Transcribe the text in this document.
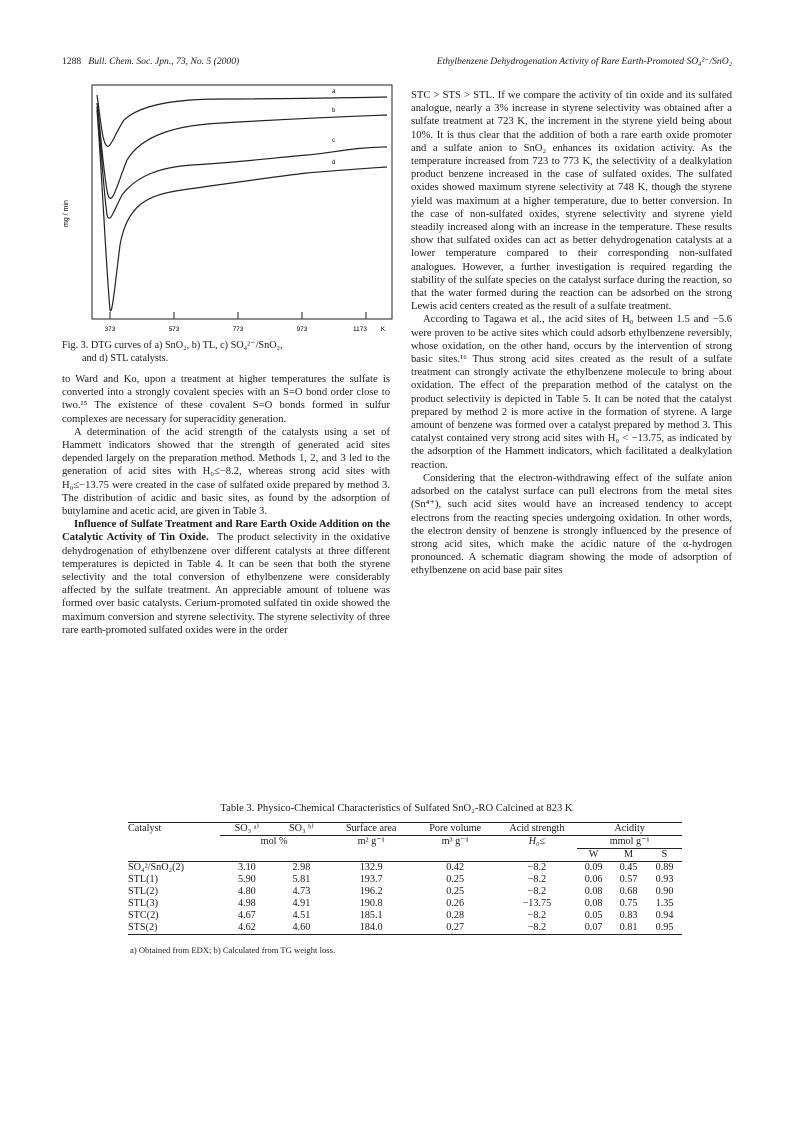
1288 Bull. Chem. Soc. Jpn., 73, No. 5 (2000)	Ethylbenzene Dehydrogenation Activity of Rare Earth-Promoted SO₄²⁻/SnO₂
mg / min
a
b
c
d
373	573	773	973	1173 K
Fig. 3. DTG curves of a) SnO₂, b) TL, c) SO₄²⁻/SnO₂,
and d) STL catalysts.

to Ward and Ko, upon a treatment at higher temperatures the sulfate is converted into a strongly covalent species with an S=O bond order close to two.¹⁵ The existence of these covalent S=O bonds formed in sulfur complexes are necessary for superacidity generation.

A determination of the acid strength of the catalysts using a set of Hammett indicators showed that the strength of generated acid sites depended largely on the preparation method. Methods 1, 2, and 3 led to the generation of acid sites with H₀≤−8.2, whereas strong acid sites with H₀≤−13.75 were created in the case of sulfated oxide prepared by method 3. The distribution of acidic and basic sites, as found by the adsorption of butylamine and acetic acid, are given in Table 3.

Influence of Sulfate Treatment and Rare Earth Oxide Addition on the Catalytic Activity of Tin Oxide. The product selectivity in the oxidative dehydrogenation of ethylbenzene over different catalysts at three different temperatures is depicted in Table 4. It can be seen that both the styrene selectivity and the total conversion of ethylbenzene were considerably affected by the sulfate treatment. An appreciable amount of toluene was formed over basic catalysts. Cerium-promoted sulfated tin oxide showed the maximum conversion and styrene selectivity. The styrene selectivity of three rare earth-promoted sulfated oxides were in the order

STC > STS > STL. If we compare the activity of tin oxide and its sulfated analogue, nearly a 3% increase in styrene selectivity was obtained after a sulfate treatment at 723 K, the increment in the styrene yield being about 10%. It is thus clear that the addition of both a rare earth oxide promoter and a sulfate anion to SnO₂ enhances its oxidation activity. As the temperature increased from 723 to 773 K, the selectivity of a dealkylation product benzene increased in the case of sulfated oxides. The sulfated oxides showed maximum styrene selectivity at 748 K, though the styrene yield was maximum at a higher temperature, due to better conversion. In the case of non-sulfated oxides, styrene selectivity and styrene yield steadily increased along with an increase in the temperature. These results show that sulfated oxides can act as better dehydrogenation catalysts at a lower temperature compared to their corresponding non-sulfated analogues. However, a further investigation is required regarding the stability of the sulfate species on the catalyst surface during the reaction, so that the water formed during the reaction can be adsorbed on the strong Lewis acid centers created as the result of a sulfate treatment.

According to Tagawa et al., the acid sites of H₀ between 1.5 and −5.6 were proven to be active sites which could adsorb ethylbenzene reversibly, whose oxidation, on the other hand, occurs by the intervention of strong basic sites.¹⁶ Thus strong acid sites created as the result of a sulfate treatment can strongly activate the ethylbenzene molecule to bring about oxidation. The effect of the preparation method of the catalyst on the product selectivity is depicted in Table 5. It can be noted that the catalyst prepared by method 2 is more active in the formation of styrene. A large amount of benzene was formed over a catalyst prepared by method 3. This catalyst contained very strong acid sites with H₀ < −13.75, as indicated by the adsorption of the Hammett indicators, which facilitated a dealkylation reaction.

Considering that the electron-withdrawing effect of the sulfate anion adsorbed on the catalyst surface can pull electrons from the metal sites (Sn⁴⁺), such acid sites would have an increased tendency to accept electrons from the reacting species undergoing oxidation. In other words, the electron density of benzene is strongly influenced by the presence of strong acid sites, which make the acidic nature of the α-hydrogen pronounced. A schematic diagram showing the mode of adsorption of ethylbenzene on acid base pair sites

Table 3. Physico-Chemical Characteristics of Sulfated SnO₂-RO Calcined at 823 K
Catalyst	SO₃ ᵃ⁾	SO₃ ᵇ⁾	Surface area	Pore volume	Acid strength	Acidity		
	mol %		m² g⁻¹	m³ g⁻¹	H₀≤	mmol g⁻¹		
						W	M	S
SO₄²/SnO₂(2)	3.10	2.98	132.9	0.42	−8.2	0.09	0.45	0.89
STL(1)	5.90	5.81	193.7	0.25	−8.2	0.06	0.57	0.93
STL(2)	4.80	4.73	196.2	0.25	−8.2	0.08	0.68	0.90
STL(3)	4.98	4.91	190.8	0.26	−13.75	0.08	0.75	1.35
STC(2)	4.67	4.51	185.1	0.28	−8.2	0.05	0.83	0.94
STS(2)	4.62	4.60	184.0	0.27	−8.2	0.07	0.81	0.95
a) Obtained from EDX; b) Calculated from TG weight loss.
